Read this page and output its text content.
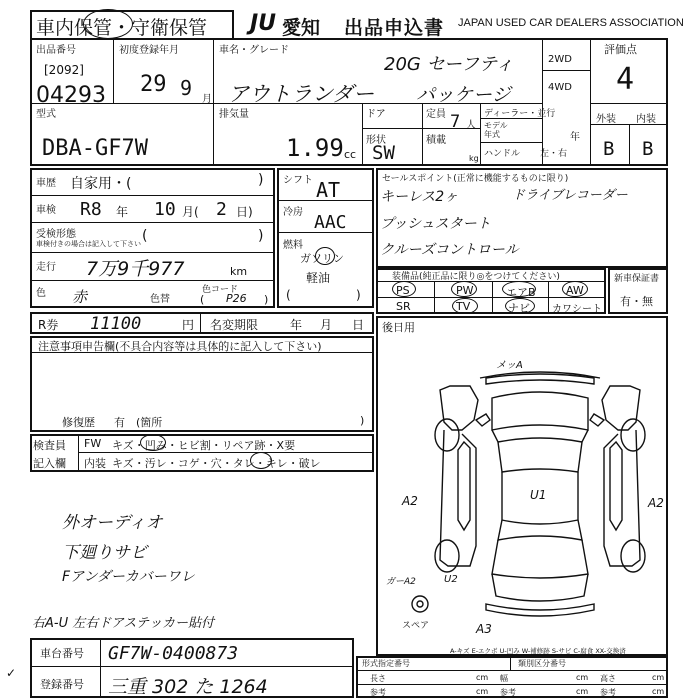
車内保管・守衛保管 JU 愛知 出品申込書 JAPAN USED CAR DEALERS ASSOCIATION
出品番号
[2092]
04293
初度登録年月
29 9 月
車名・グレード
20G セーフティ
アウトランダー パッケージ
2WD
4WD
評価点
4
型式
DBA-GF7W
排気量
1.99 cc
ドア
形状
SW
定員 7 人
積載
kg
ディーラー・並行
モデル年式	年
ハンドル 左・右
外装 内装
B B
車歴 自家用・(	)
車検 R8 年 10 月( 2 日)
受検形態
車検付きの場合は記入して下さい (	)
走行 7万9千977	km
色 赤	色替
色コード
P26
(	)
シフト AT
冷房 AAC
燃料
ガソリン
軽油
(	)
セールスポイント(正常に機能するものに限り)
キーレス2ヶ	ドライブレコーダー
プッシュスタート
クルーズコントロール
装備品(純正品に限り◎をつけてください)
PS	PW	エアB	AW
SR	TV	ナビ カワシート
新車保証書
有・無
R券 11100	円 名変期限	年 月 日
注意事項申告欄(不具合内容等は具体的に記入して下さい)
修復歴 有 (箇所	)
検査員
記入欄
FW キズ・凹み・ヒビ割・リペア跡・X要
内装 キズ・汚レ・コゲ・穴・タレ・キレ・破レ
外オーディオ
下廻りサビ
Fアンダーカバーワレ
右A-U 左右ドアステッカー貼付
後日用
メッA
A2	U1
A2
ガーA2	U2
A3
スペア
A-キズ E-エクボ U-凹み W-補修跡 S-サビ C-腐食 XX-交換済
車台番号 GF7W-0400873
登録番号 三重 302 た 1264
✓
形式指定番号	類別区分番号
長さ	cm 幅	cm 高さ	cm
参考	cm 参考	cm 参考	cm
